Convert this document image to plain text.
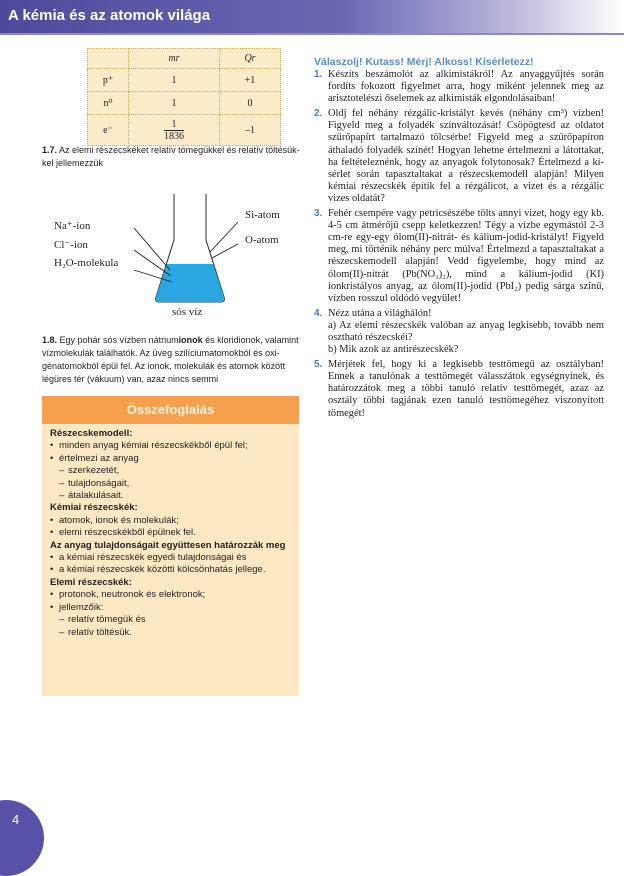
A kémia és az atomok világa
	mr	Qr
p⁺	1	+1
n⁰	1	0
e⁻	$\frac{1}{1836}$	–1
1.7. Az elemi részecskéket relatív tömegükkel és relatív töltésükkel jellemezzük
Na⁺-ion
Cl⁻-ion
H₂O-molekula
Si-atom
O-atom
sós víz
1.8. Egy pohár sós vízben nátriumionok és kloridionok, valamint vízmolekulák találhatók. Az üveg szilíciumatomokból és oxigénatomokból épül fel. Az ionok, molekulák és atomok között légüres tér (vákuum) van, azaz nincs semmi
Összefoglalás
Részecskemodell:
• minden anyag kémiai részecskékből épül fel;
• értelmezi az anyag
– szerkezetét,
– tulajdonságait,
– átalakulásait.
Kémiai részecskék:
• atomok, ionok és molekulák;
• elemi részecskékből épülnek fel.
Az anyag tulajdonságait együttesen határozzák meg
• a kémiai részecskék egyedi tulajdonságai és
• a kémiai részecskék közötti kölcsönhatás jellege.
Elemi részecskék:
• protonok, neutronok és elektronok;
• jellemzőik:
– relatív tömegük és
– relatív töltésük.
Válaszolj! Kutass! Mérj! Alkoss! Kísérletezz!
1. Készíts beszámolót az alkimistákról! Az anyaggyűjtés során fordíts fokozott figyelmet arra, hogy miként jelennek meg az arisztotelészi őselemek az alkimisták elgondolásaiban!

2. Oldj fel néhány rézgálic-kristályt kevés (néhány cm³) vízben! Figyeld meg a folyadék színváltozását! Csöpögtesd az oldatot szűrőpapírt tartalmazó tölcsérbe! Figyeld meg a szűrőpapíron áthaladó folyadék színét! Hogyan lehetne értelmezni a látottakat, ha feltételeznénk, hogy az anyagok folytonosak? Értelmezd a kísérlet során tapasztaltakat a részecskemodell alapján! Milyen kémiai részecskék építik fel a rézgálicot, a vizet és a rézgálic vizes oldatát?

3. Fehér csempére vagy petricsészébe tölts annyi vizet, hogy egy kb. 4-5 cm átmérőjű csepp keletkezzen! Tégy a vízbe egymástól 2-3 cm-re egy-egy ólom(II)-nitrát- és kálium-jodid-kristályt! Figyeld meg, mi történik néhány perc múlva! Értelmezd a tapasztaltakat a részecskemodell alapján! Vedd figyelembe, hogy mind az ólom(II)-nitrát (Pb(NO₃)₂), mind a kálium-jodid (KI) ionkristályos anyag, az ólom(II)-jodid (PbI₂) pedig sárga színű, vízben rosszul oldódó vegyület!

4. Nézz utána a világhálón!
a) Az elemi részecskék valóban az anyag legkisebb, tovább nem osztható részecskéi?
b) Mik azok az antirészecskék?

5. Mérjétek fel, hogy ki a legkisebb testtömegű az osztályban! Ennek a tanulónak a testtömegét válasszátok egységnyinek, és határozzátok meg a többi tanuló relatív testtömegét, azaz az osztály többi tagjának ezen tanuló testtömegéhez viszonyított tömegét!

4
